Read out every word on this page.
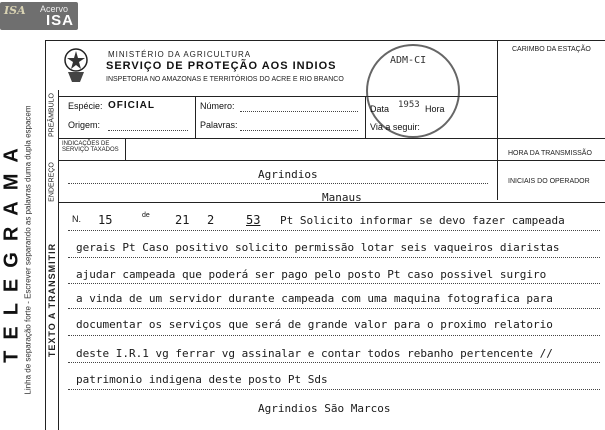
ISA Acervo
ISA
TELEGRAMA Linha de separação forte - Escrever separando as palavras duma dupla espacem TEXTO A TRANSMITIR
PREÂMBULO
ENDEREÇO
MINISTÉRIO DA AGRICULTURA
SERVIÇO DE PROTEÇÃO AOS INDIOS
INSPETORIA NO AMAZONAS E TERRITÓRIOS DO ACRE E RIO BRANCO
CARIMBO DA ESTAÇÃO
ADM-CI
1953
Espécie: OFICIAL
Origem:
Número:
Palavras:
Data	Hora
Via a seguir:
INDICAÇÕES DE SERVIÇO TAXADOS	HORA DA TRANSMISSÃO
INICIAIS DO OPERADOR
Agrindios
Manaus
N. 15	de 21 2	53 Pt Solicito informar se devo fazer campeada
gerais Pt Caso positivo solicito permissão lotar seis vaqueiros diaristas
ajudar campeada que poderá ser pago pelo posto Pt caso possivel surgiro
a vinda de um servidor durante campeada com uma maquina fotografica para
documentar os serviços que será de grande valor para o proximo relatorio
deste I.R.1 vg ferrar vg assinalar e contar todos rebanho pertencente //
patrimonio indigena deste posto Pt Sds
Agrindios São Marcos
